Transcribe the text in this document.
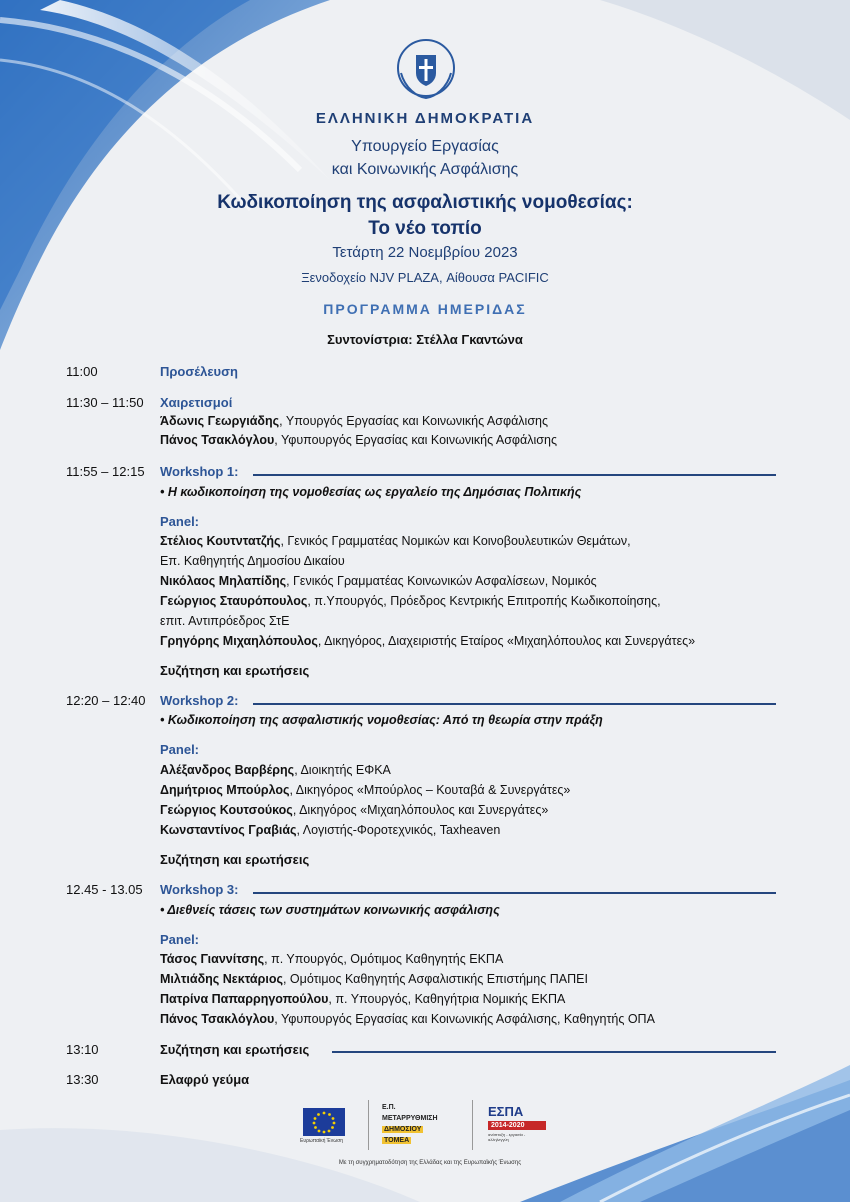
ΕΛΛΗΝΙΚΗ ΔΗΜΟΚΡΑΤΙΑ
Υπουργείο Εργασίας
και Κοινωνικής Ασφάλισης
Κωδικοποίηση της ασφαλιστικής νομοθεσίας:
Το νέο τοπίο
Τετάρτη 22 Νοεμβρίου 2023
Ξενοδοχείο NJV PLAZA, Αίθουσα PACIFIC
ΠΡΟΓΡΑΜΜΑ ΗΜΕΡΙΔΑΣ
Συντονίστρια: Στέλλα Γκαντώνα
11:00	Προσέλευση
11:30 – 11:50 Χαιρετισμοί
Άδωνις Γεωργιάδης, Υπουργός Εργασίας και Κοινωνικής Ασφάλισης
Πάνος Τσακλόγλου, Υφυπουργός Εργασίας και Κοινωνικής Ασφάλισης
11:55 – 12:15 Workshop 1:
• Η κωδικοποίηση της νομοθεσίας ως εργαλείο της Δημόσιας Πολιτικής
Panel:
Στέλιος Κουτντατζής, Γενικός Γραμματέας Νομικών και Κοινοβουλευτικών Θεμάτων,
Επ. Καθηγητής Δημοσίου Δικαίου
Νικόλαος Μηλαπίδης, Γενικός Γραμματέας Κοινωνικών Ασφαλίσεων, Νομικός
Γεώργιος Σταυρόπουλος, π.Υπουργός, Πρόεδρος Κεντρικής Επιτροπής Κωδικοποίησης,
επιτ. Αντιπρόεδρος ΣτΕ
Γρηγόρης Μιχαηλόπουλος, Δικηγόρος, Διαχειριστής Εταίρος «Μιχαηλόπουλος και Συνεργάτες»
Συζήτηση και ερωτήσεις
12:20 – 12:40 Workshop 2:
• Κωδικοποίηση της ασφαλιστικής νομοθεσίας: Από τη θεωρία στην πράξη
Panel:
Αλέξανδρος Βαρβέρης, Διοικητής ΕΦΚΑ
Δημήτριος Μπούρλος, Δικηγόρος «Μπούρλος – Κουταβά & Συνεργάτες»
Γεώργιος Κουτσούκος, Δικηγόρος «Μιχαηλόπουλος και Συνεργάτες»
Κωνσταντίνος Γραβιάς, Λογιστής-Φοροτεχνικός, Taxheaven
Συζήτηση και ερωτήσεις
12.45 - 13.05 Workshop 3:
• Διεθνείς τάσεις των συστημάτων κοινωνικής ασφάλισης
Panel:
Τάσος Γιαννίτσης, π. Υπουργός, Ομότιμος Καθηγητής ΕΚΠΑ
Μιλτιάδης Νεκτάριος, Ομότιμος Καθηγητής Ασφαλιστικής Επιστήμης ΠΑΠΕΙ
Πατρίνα Παπαρρηγοπούλου, π. Υπουργός, Καθηγήτρια Νομικής ΕΚΠΑ
Πάνος Τσακλόγλου, Υφυπουργός Εργασίας και Κοινωνικής Ασφάλισης, Καθηγητής ΟΠΑ
13:10	Συζήτηση και ερωτήσεις
13:30	Ελαφρύ γεύμα
Ευρωπαϊκή Ένωση
Ε.Π.
ΜΕΤΑΡΡΥΘΜΙΣΗ
ΔΗΜΟΣΙΟΥ
ΤΟΜΕΑ
ΕΣΠΑ
2014-2020
ανάπτυξη - εργασία - αλληλεγγύη
Με τη συγχρηματοδότηση της Ελλάδας και της Ευρωπαϊκής Ένωσης
